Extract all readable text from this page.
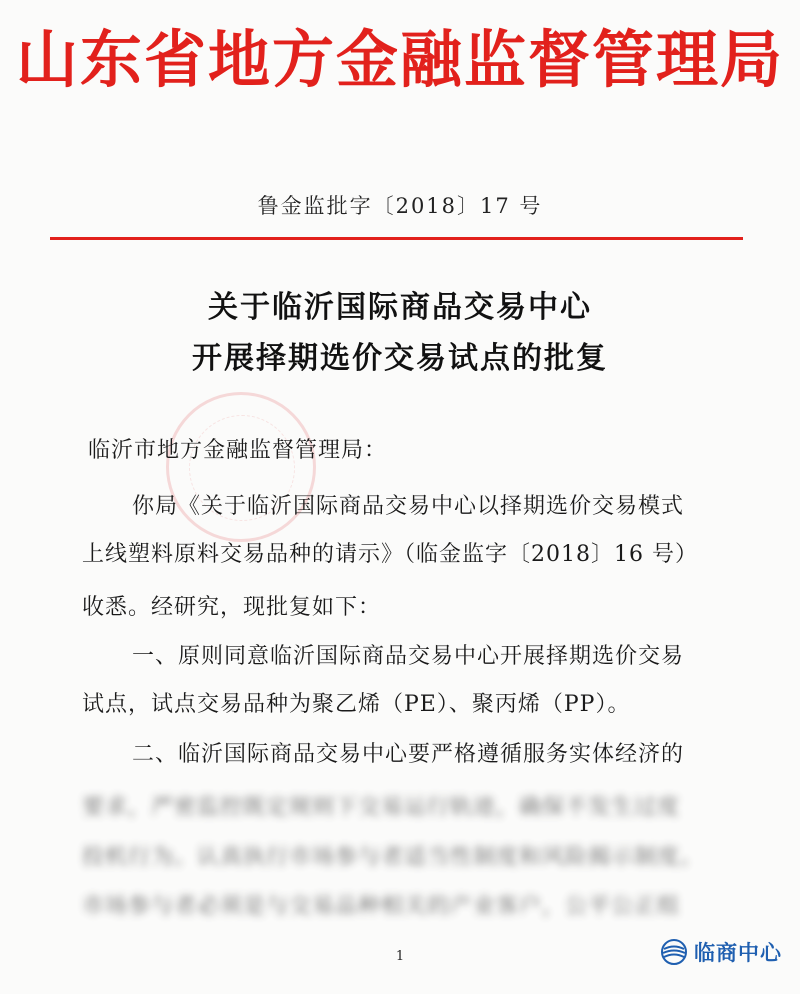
山东省地方金融监督管理局
鲁金监批字〔2018〕17 号
关于临沂国际商品交易中心
开展择期选价交易试点的批复
临沂市地方金融监督管理局：
你局《关于临沂国际商品交易中心以择期选价交易模式
上线塑料原料交易品种的请示》（临金监字〔2018〕16 号）
收悉。经研究，现批复如下：
一、原则同意临沂国际商品交易中心开展择期选价交易
试点，试点交易品种为聚乙烯（PE）、聚丙烯（PP）。
二、临沂国际商品交易中心要严格遵循服务实体经济的
要求，严密监控既定规则下交易运行轨迹，确保不发生过度
投机行为。认真执行市场参与者适当性制度和风险揭示制度。
市场参与者必须是与交易品种相关的产业客户，公平公正组
1	临商中心
